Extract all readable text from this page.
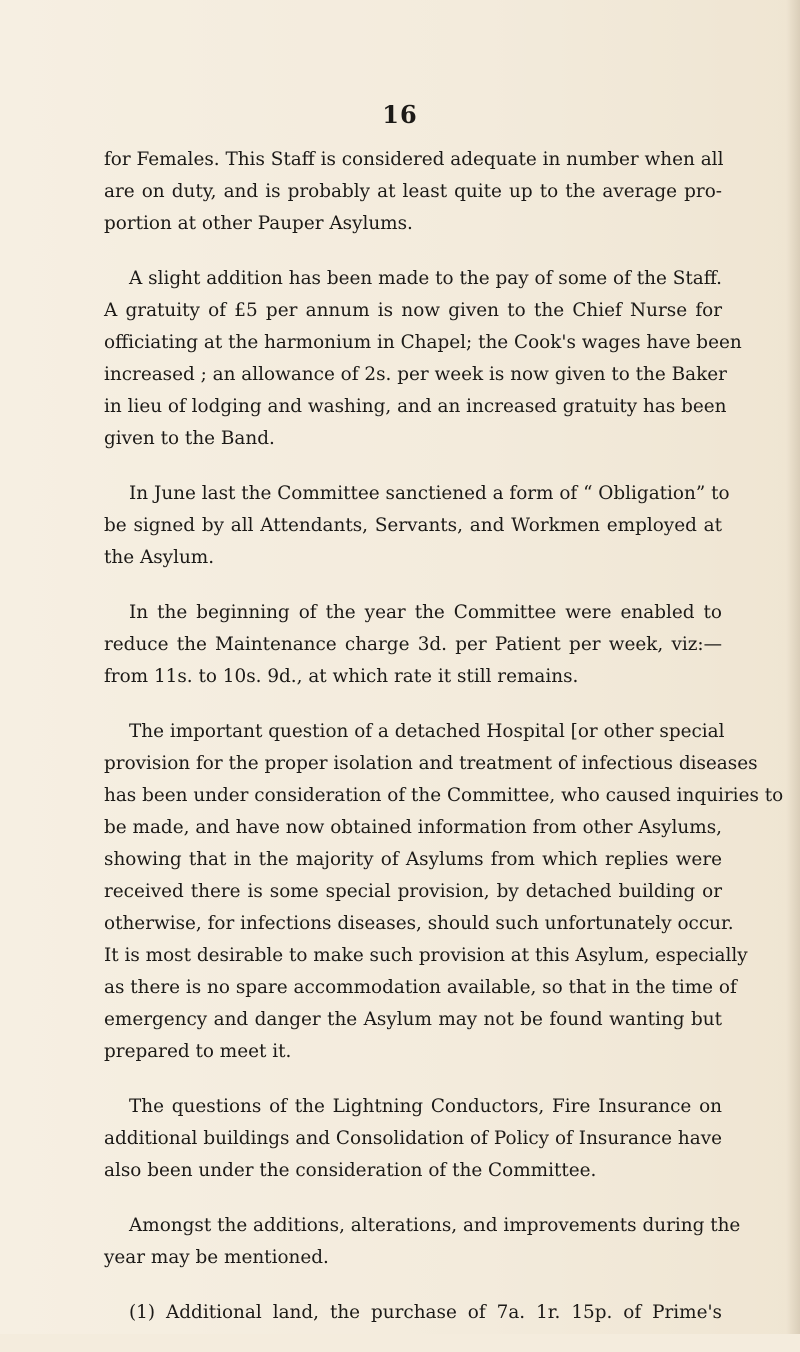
16

for Females. This Staff is considered adequate in number when all
are on duty, and is probably at least quite up to the average pro-
portion at other Pauper Asylums.

A slight addition has been made to the pay of some of the Staff.
A gratuity of £5 per annum is now given to the Chief Nurse for
officiating at the harmonium in Chapel; the Cook's wages have been
increased ; an allowance of 2s. per week is now given to the Baker
in lieu of lodging and washing, and an increased gratuity has been
given to the Band.

In June last the Committee sanctiened a form of “ Obligation” to
be signed by all Attendants, Servants, and Workmen employed at
the Asylum.

In the beginning of the year the Committee were enabled to
reduce the Maintenance charge 3d. per Patient per week, viz:—
from 11s. to 10s. 9d., at which rate it still remains.

The important question of a detached Hospital [or other special
provision for the proper isolation and treatment of infectious diseases
has been under consideration of the Committee, who caused inquiries to
be made, and have now obtained information from other Asylums,
showing that in the majority of Asylums from which replies were
received there is some special provision, by detached building or
otherwise, for infections diseases, should such unfortunately occur.
It is most desirable to make such provision at this Asylum, especially
as there is no spare accommodation available, so that in the time of
emergency and danger the Asylum may not be found wanting but
prepared to meet it.

The questions of the Lightning Conductors, Fire Insurance on
additional buildings and Consolidation of Policy of Insurance have
also been under the consideration of the Committee.

Amongst the additions, alterations, and improvements during the
year may be mentioned.

(1) Additional land, the purchase of 7a. 1r. 15p. of Prime's
